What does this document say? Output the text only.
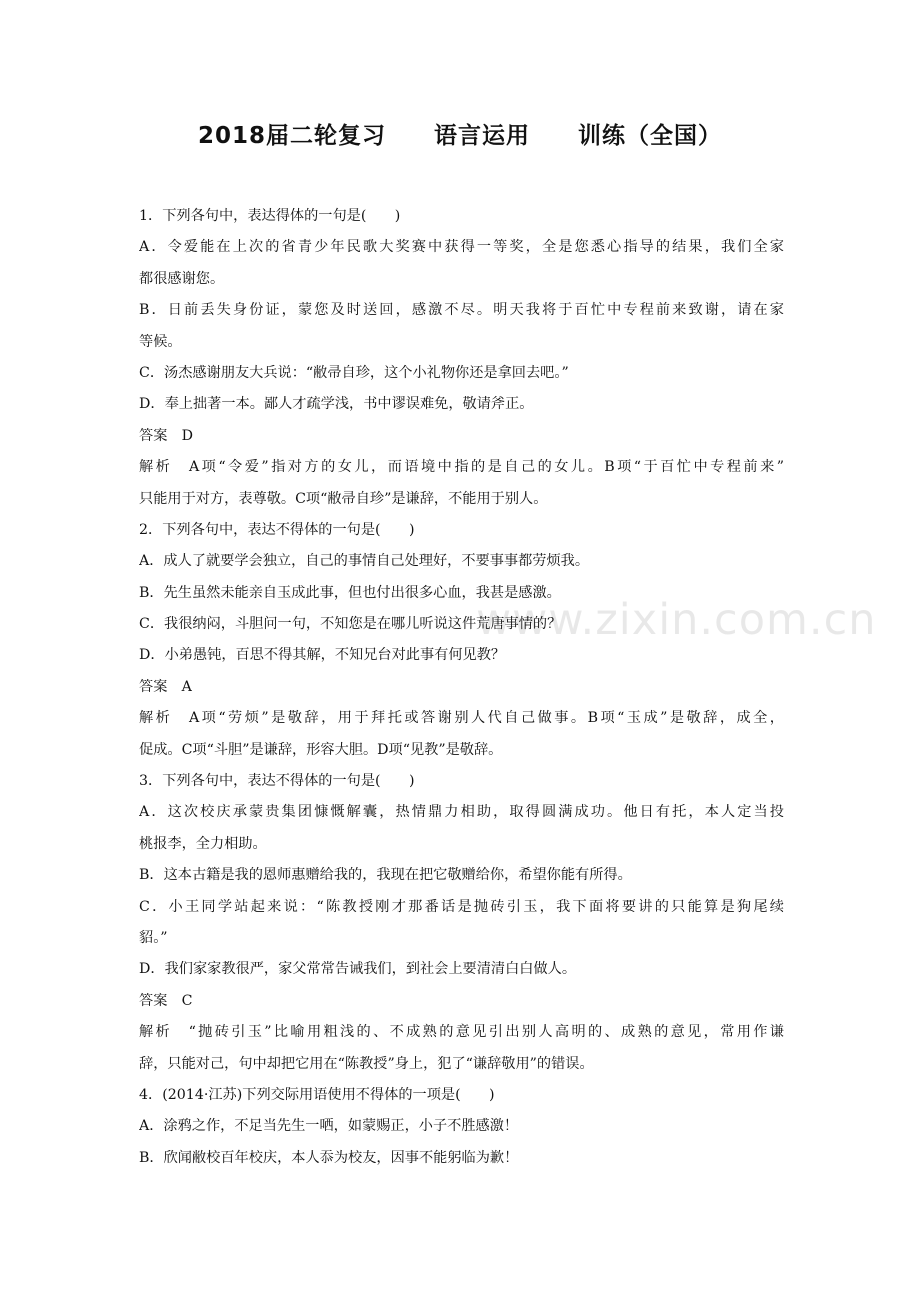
2018届二轮复习　　语言运用　　训练（全国）
1．下列各句中，表达得体的一句是(　　)
A．令爱能在上次的省青少年民歌大奖赛中获得一等奖，全是您悉心指导的结果，我们全家
都很感谢您。
B．日前丢失身份证，蒙您及时送回，感激不尽。明天我将于百忙中专程前来致谢，请在家
等候。
C．汤杰感谢朋友大兵说：“敝帚自珍，这个小礼物你还是拿回去吧。”
D．奉上拙著一本。鄙人才疏学浅，书中谬误难免，敬请斧正。
答案　D
解析　A项“令爱”指对方的女儿，而语境中指的是自己的女儿。B项“于百忙中专程前来”
只能用于对方，表尊敬。C项“敝帚自珍”是谦辞，不能用于别人。
2．下列各句中，表达不得体的一句是(　　)
A．成人了就要学会独立，自己的事情自己处理好，不要事事都劳烦我。
B．先生虽然未能亲自玉成此事，但也付出很多心血，我甚是感激。
C．我很纳闷，斗胆问一句，不知您是在哪儿听说这件荒唐事情的？
D．小弟愚钝，百思不得其解，不知兄台对此事有何见教？
答案　A
解析　A项“劳烦”是敬辞，用于拜托或答谢别人代自己做事。B项“玉成”是敬辞，成全，
促成。C项“斗胆”是谦辞，形容大胆。D项“见教”是敬辞。
3．下列各句中，表达不得体的一句是(　　)
A．这次校庆承蒙贵集团慷慨解囊，热情鼎力相助，取得圆满成功。他日有托，本人定当投
桃报李，全力相助。
B．这本古籍是我的恩师惠赠给我的，我现在把它敬赠给你，希望你能有所得。
C．小王同学站起来说：“陈教授刚才那番话是抛砖引玉，我下面将要讲的只能算是狗尾续
貂。”
D．我们家家教很严，家父常常告诫我们，到社会上要清清白白做人。
答案　C
解析　“抛砖引玉”比喻用粗浅的、不成熟的意见引出别人高明的、成熟的意见，常用作谦
辞，只能对己，句中却把它用在“陈教授”身上，犯了“谦辞敬用”的错误。
4．(2014·江苏)下列交际用语使用不得体的一项是(　　)
A．涂鸦之作，不足当先生一哂，如蒙赐正，小子不胜感激！
B．欣闻敝校百年校庆，本人忝为校友，因事不能躬临为歉！
www.zixin.com.cn
